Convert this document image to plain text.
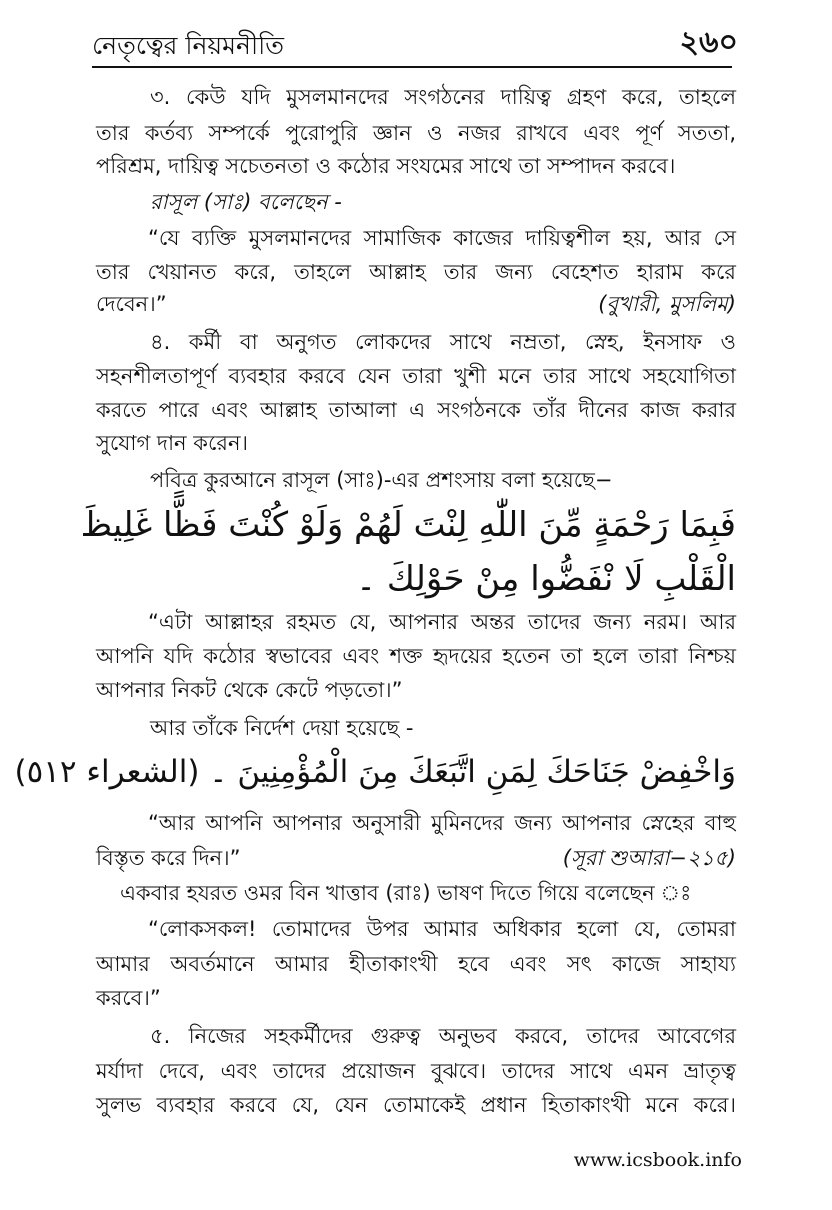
নেতৃত্বের নিয়মনীতি	২৬০
৩. কেউ যদি মুসলমানদের সংগঠনের দায়িত্ব গ্রহণ করে, তাহলে
তার কর্তব্য সম্পর্কে পুরোপুরি জ্ঞান ও নজর রাখবে এবং পূর্ণ সততা,
পরিশ্রম, দায়িত্ব সচেতনতা ও কঠোর সংযমের সাথে তা সম্পাদন করবে।
রাসূল (সাঃ) বলেছেন -
“যে ব্যক্তি মুসলমানদের সামাজিক কাজের দায়িত্বশীল হয়, আর সে
তার খেয়ানত করে, তাহলে আল্লাহ তার জন্য বেহেশত হারাম করে
দেবেন।”	(বুখারী, মুসলিম)
৪. কর্মী বা অনুগত লোকদের সাথে নম্রতা, স্নেহ, ইনসাফ ও
সহনশীলতাপূর্ণ ব্যবহার করবে যেন তারা খুশী মনে তার সাথে সহযোগিতা
করতে পারে এবং আল্লাহ তাআলা এ সংগঠনকে তাঁর দীনের কাজ করার
সুযোগ দান করেন।
পবিত্র কুরআনে রাসূল (সাঃ)-এর প্রশংসায় বলা হয়েছে−
فَبِمَا رَحْمَةٍ مِّنَ اللّٰهِ لِنْتَ لَهُمْ وَلَوْ كُنْتَ فَظًّا غَلِيظَ
الْقَلْبِ لَا نْفَضُّوا مِنْ حَوْلِكَ ۔
“এটা আল্লাহর রহমত যে, আপনার অন্তর তাদের জন্য নরম। আর
আপনি যদি কঠোর স্বভাবের এবং শক্ত হৃদয়ের হতেন তা হলে তারা নিশ্চয়
আপনার নিকট থেকে কেটে পড়তো।”
আর তাঁকে নির্দেশ দেয়া হয়েছে -
وَاخْفِضْ جَنَاحَكَ لِمَنِ اتَّبَعَكَ مِنَ الْمُؤْمِنِينَ ۔ (الشعراء ٥١٢)
“আর আপনি আপনার অনুসারী মুমিনদের জন্য আপনার স্নেহের বাহু
বিস্তৃত করে দিন।”	(সূরা শুআরা−২১৫)
একবার হযরত ওমর বিন খাত্তাব (রাঃ) ভাষণ দিতে গিয়ে বলেছেন ঃ
“লোকসকল! তোমাদের উপর আমার অধিকার হলো যে, তোমরা
আমার অবর্তমানে আমার হীতাকাংখী হবে এবং সৎ কাজে সাহায্য
করবে।”
৫. নিজের সহকর্মীদের গুরুত্ব অনুভব করবে, তাদের আবেগের
মর্যাদা দেবে, এবং তাদের প্রয়োজন বুঝবে। তাদের সাথে এমন ভ্রাতৃত্ব
সুলভ ব্যবহার করবে যে, যেন তোমাকেই প্রধান হিতাকাংখী মনে করে।
www.icsbook.info
